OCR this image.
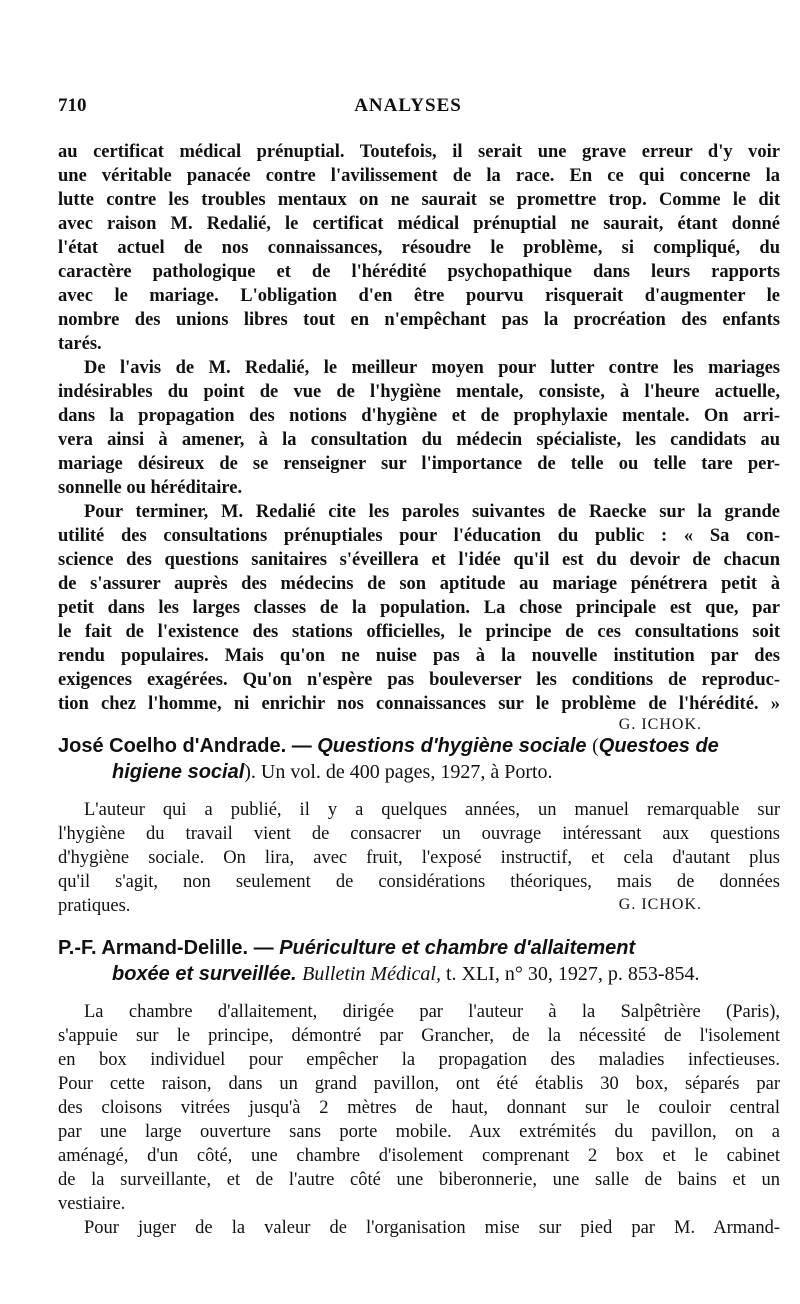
710	ANALYSES
au certificat médical prénuptial. Toutefois, il serait une grave erreur d'y voir
une véritable panacée contre l'avilissement de la race. En ce qui concerne la
lutte contre les troubles mentaux on ne saurait se promettre trop. Comme le dit
avec raison M. Redalié, le certificat médical prénuptial ne saurait, étant donné
l'état actuel de nos connaissances, résoudre le problème, si compliqué, du
caractère pathologique et de l'hérédité psychopathique dans leurs rapports
avec le mariage. L'obligation d'en être pourvu risquerait d'augmenter le
nombre des unions libres tout en n'empêchant pas la procréation des enfants
tarés.
De l'avis de M. Redalié, le meilleur moyen pour lutter contre les mariages
indésirables du point de vue de l'hygiène mentale, consiste, à l'heure actuelle,
dans la propagation des notions d'hygiène et de prophylaxie mentale. On arri-
vera ainsi à amener, à la consultation du médecin spécialiste, les candidats au
mariage désireux de se renseigner sur l'importance de telle ou telle tare per-
sonnelle ou héréditaire.
Pour terminer, M. Redalié cite les paroles suivantes de Raecke sur la grande
utilité des consultations prénuptiales pour l'éducation du public : « Sa con-
science des questions sanitaires s'éveillera et l'idée qu'il est du devoir de chacun
de s'assurer auprès des médecins de son aptitude au mariage pénétrera petit à
petit dans les larges classes de la population. La chose principale est que, par
le fait de l'existence des stations officielles, le principe de ces consultations soit
rendu populaires. Mais qu'on ne nuise pas à la nouvelle institution par des
exigences exagérées. Qu'on n'espère pas bouleverser les conditions de reproduc-
tion chez l'homme, ni enrichir nos connaissances sur le problème de l'hérédité. »
G. ICHOK.
José Coelho d'Andrade. — Questions d'hygiène sociale (Questoes de
higiene social). Un vol. de 400 pages, 1927, à Porto.
L'auteur qui a publié, il y a quelques années, un manuel remarquable sur
l'hygiène du travail vient de consacrer un ouvrage intéressant aux questions
d'hygiène sociale. On lira, avec fruit, l'exposé instructif, et cela d'autant plus
qu'il s'agit, non seulement de considérations théoriques, mais de données
pratiques.	G. ICHOK.
P.-F. Armand-Delille. — Puériculture et chambre d'allaitement
boxée et surveillée. Bulletin Médical, t. XLI, n° 30, 1927, p. 853-854.
La chambre d'allaitement, dirigée par l'auteur à la Salpêtrière (Paris),
s'appuie sur le principe, démontré par Grancher, de la nécessité de l'isolement
en box individuel pour empêcher la propagation des maladies infectieuses.
Pour cette raison, dans un grand pavillon, ont été établis 30 box, séparés par
des cloisons vitrées jusqu'à 2 mètres de haut, donnant sur le couloir central
par une large ouverture sans porte mobile. Aux extrémités du pavillon, on a
aménagé, d'un côté, une chambre d'isolement comprenant 2 box et le cabinet
de la surveillante, et de l'autre côté une biberonnerie, une salle de bains et un
vestiaire.
Pour juger de la valeur de l'organisation mise sur pied par M. Armand-
